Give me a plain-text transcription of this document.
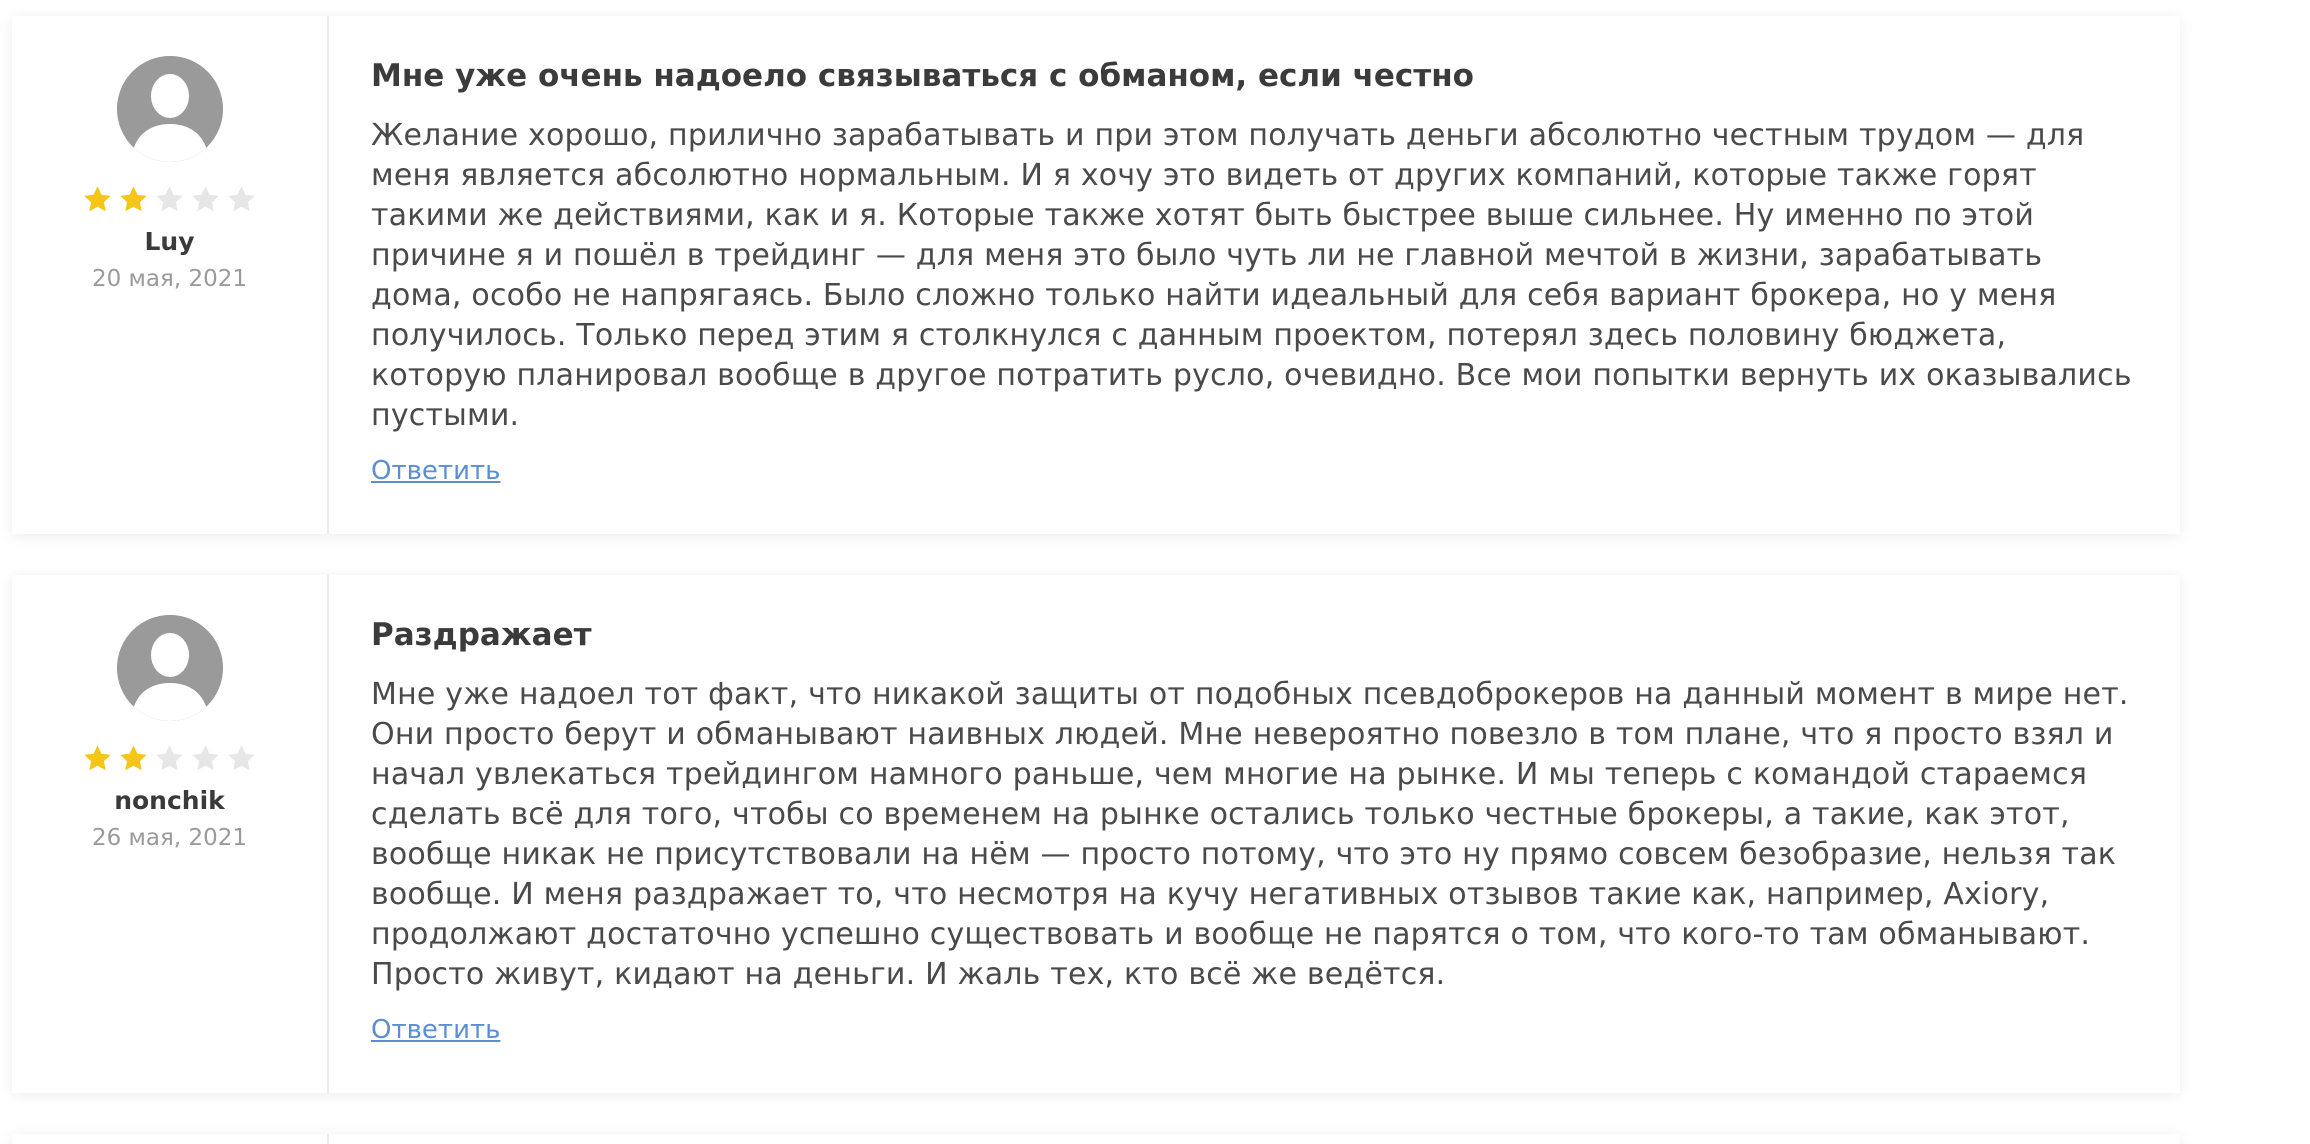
Luy
20 мая, 2021
Мне уже очень надоело связываться с обманом, если честно
Желание хорошо, прилично зарабатывать и при этом получать деньги абсолютно честным трудом — для меня является абсолютно нормальным. И я хочу это видеть от других компаний, которые также горят такими же действиями, как и я. Которые также хотят быть быстрее выше сильнее. Ну именно по этой причине я и пошёл в трейдинг — для меня это было чуть ли не главной мечтой в жизни, зарабатывать дома, особо не напрягаясь. Было сложно только найти идеальный для себя вариант брокера, но у меня получилось. Только перед этим я столкнулся с данным проектом, потерял здесь половину бюджета, которую планировал вообще в другое потратить русло, очевидно. Все мои попытки вернуть их оказывались пустыми.
Ответить
nonchik
26 мая, 2021
Раздражает
Мне уже надоел тот факт, что никакой защиты от подобных псевдоброкеров на данный момент в мире нет. Они просто берут и обманывают наивных людей. Мне невероятно повезло в том плане, что я просто взял и начал увлекаться трейдингом намного раньше, чем многие на рынке. И мы теперь с командой стараемся сделать всё для того, чтобы со временем на рынке остались только честные брокеры, а такие, как этот, вообще никак не присутствовали на нём — просто потому, что это ну прямо совсем безобразие, нельзя так вообще. И меня раздражает то, что несмотря на кучу негативных отзывов такие как, например, Axiory, продолжают достаточно успешно существовать и вообще не парятся о том, что кого-то там обманывают. Просто живут, кидают на деньги. И жаль тех, кто всё же ведётся.
Ответить
